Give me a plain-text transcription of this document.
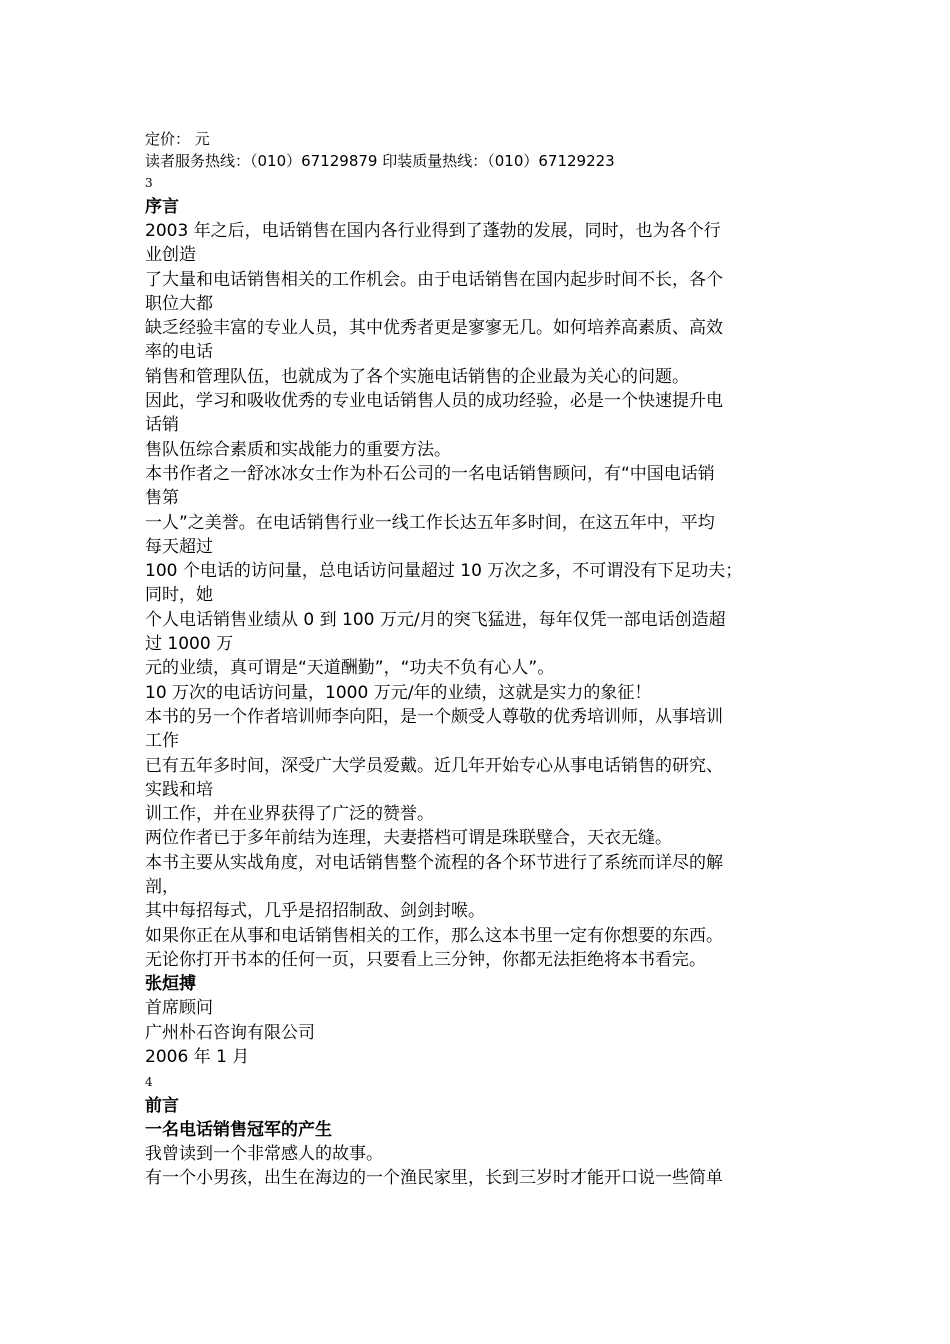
定价： 元
读者服务热线：（010）67129879 印装质量热线：（010）67129223
3
序言
2003 年之后，电话销售在国内各行业得到了蓬勃的发展，同时，也为各个行
业创造
了大量和电话销售相关的工作机会。由于电话销售在国内起步时间不长，各个
职位大都
缺乏经验丰富的专业人员，其中优秀者更是寥寥无几。如何培养高素质、高效
率的电话
销售和管理队伍，也就成为了各个实施电话销售的企业最为关心的问题。
因此，学习和吸收优秀的专业电话销售人员的成功经验，必是一个快速提升电
话销
售队伍综合素质和实战能力的重要方法。
本书作者之一舒冰冰女士作为朴石公司的一名电话销售顾问，有“中国电话销
售第
一人”之美誉。在电话销售行业一线工作长达五年多时间，在这五年中，平均
每天超过
100 个电话的访问量，总电话访问量超过 10 万次之多，不可谓没有下足功夫；
同时，她
个人电话销售业绩从 0 到 100 万元/月的突飞猛进，每年仅凭一部电话创造超
过 1000 万
元的业绩，真可谓是“天道酬勤”，“功夫不负有心人”。
10 万次的电话访问量，1000 万元/年的业绩，这就是实力的象征！
本书的另一个作者培训师李向阳，是一个颇受人尊敬的优秀培训师，从事培训
工作
已有五年多时间，深受广大学员爱戴。近几年开始专心从事电话销售的研究、
实践和培
训工作，并在业界获得了广泛的赞誉。
两位作者已于多年前结为连理，夫妻搭档可谓是珠联璧合，天衣无缝。
本书主要从实战角度，对电话销售整个流程的各个环节进行了系统而详尽的解
剖，
其中每招每式，几乎是招招制敌、剑剑封喉。
如果你正在从事和电话销售相关的工作，那么这本书里一定有你想要的东西。
无论你打开书本的任何一页，只要看上三分钟，你都无法拒绝将本书看完。
张烜搏
首席顾问
广州朴石咨询有限公司
2006 年 1 月
4
前言
一名电话销售冠军的产生
我曾读到一个非常感人的故事。
有一个小男孩，出生在海边的一个渔民家里，长到三岁时才能开口说一些简单
